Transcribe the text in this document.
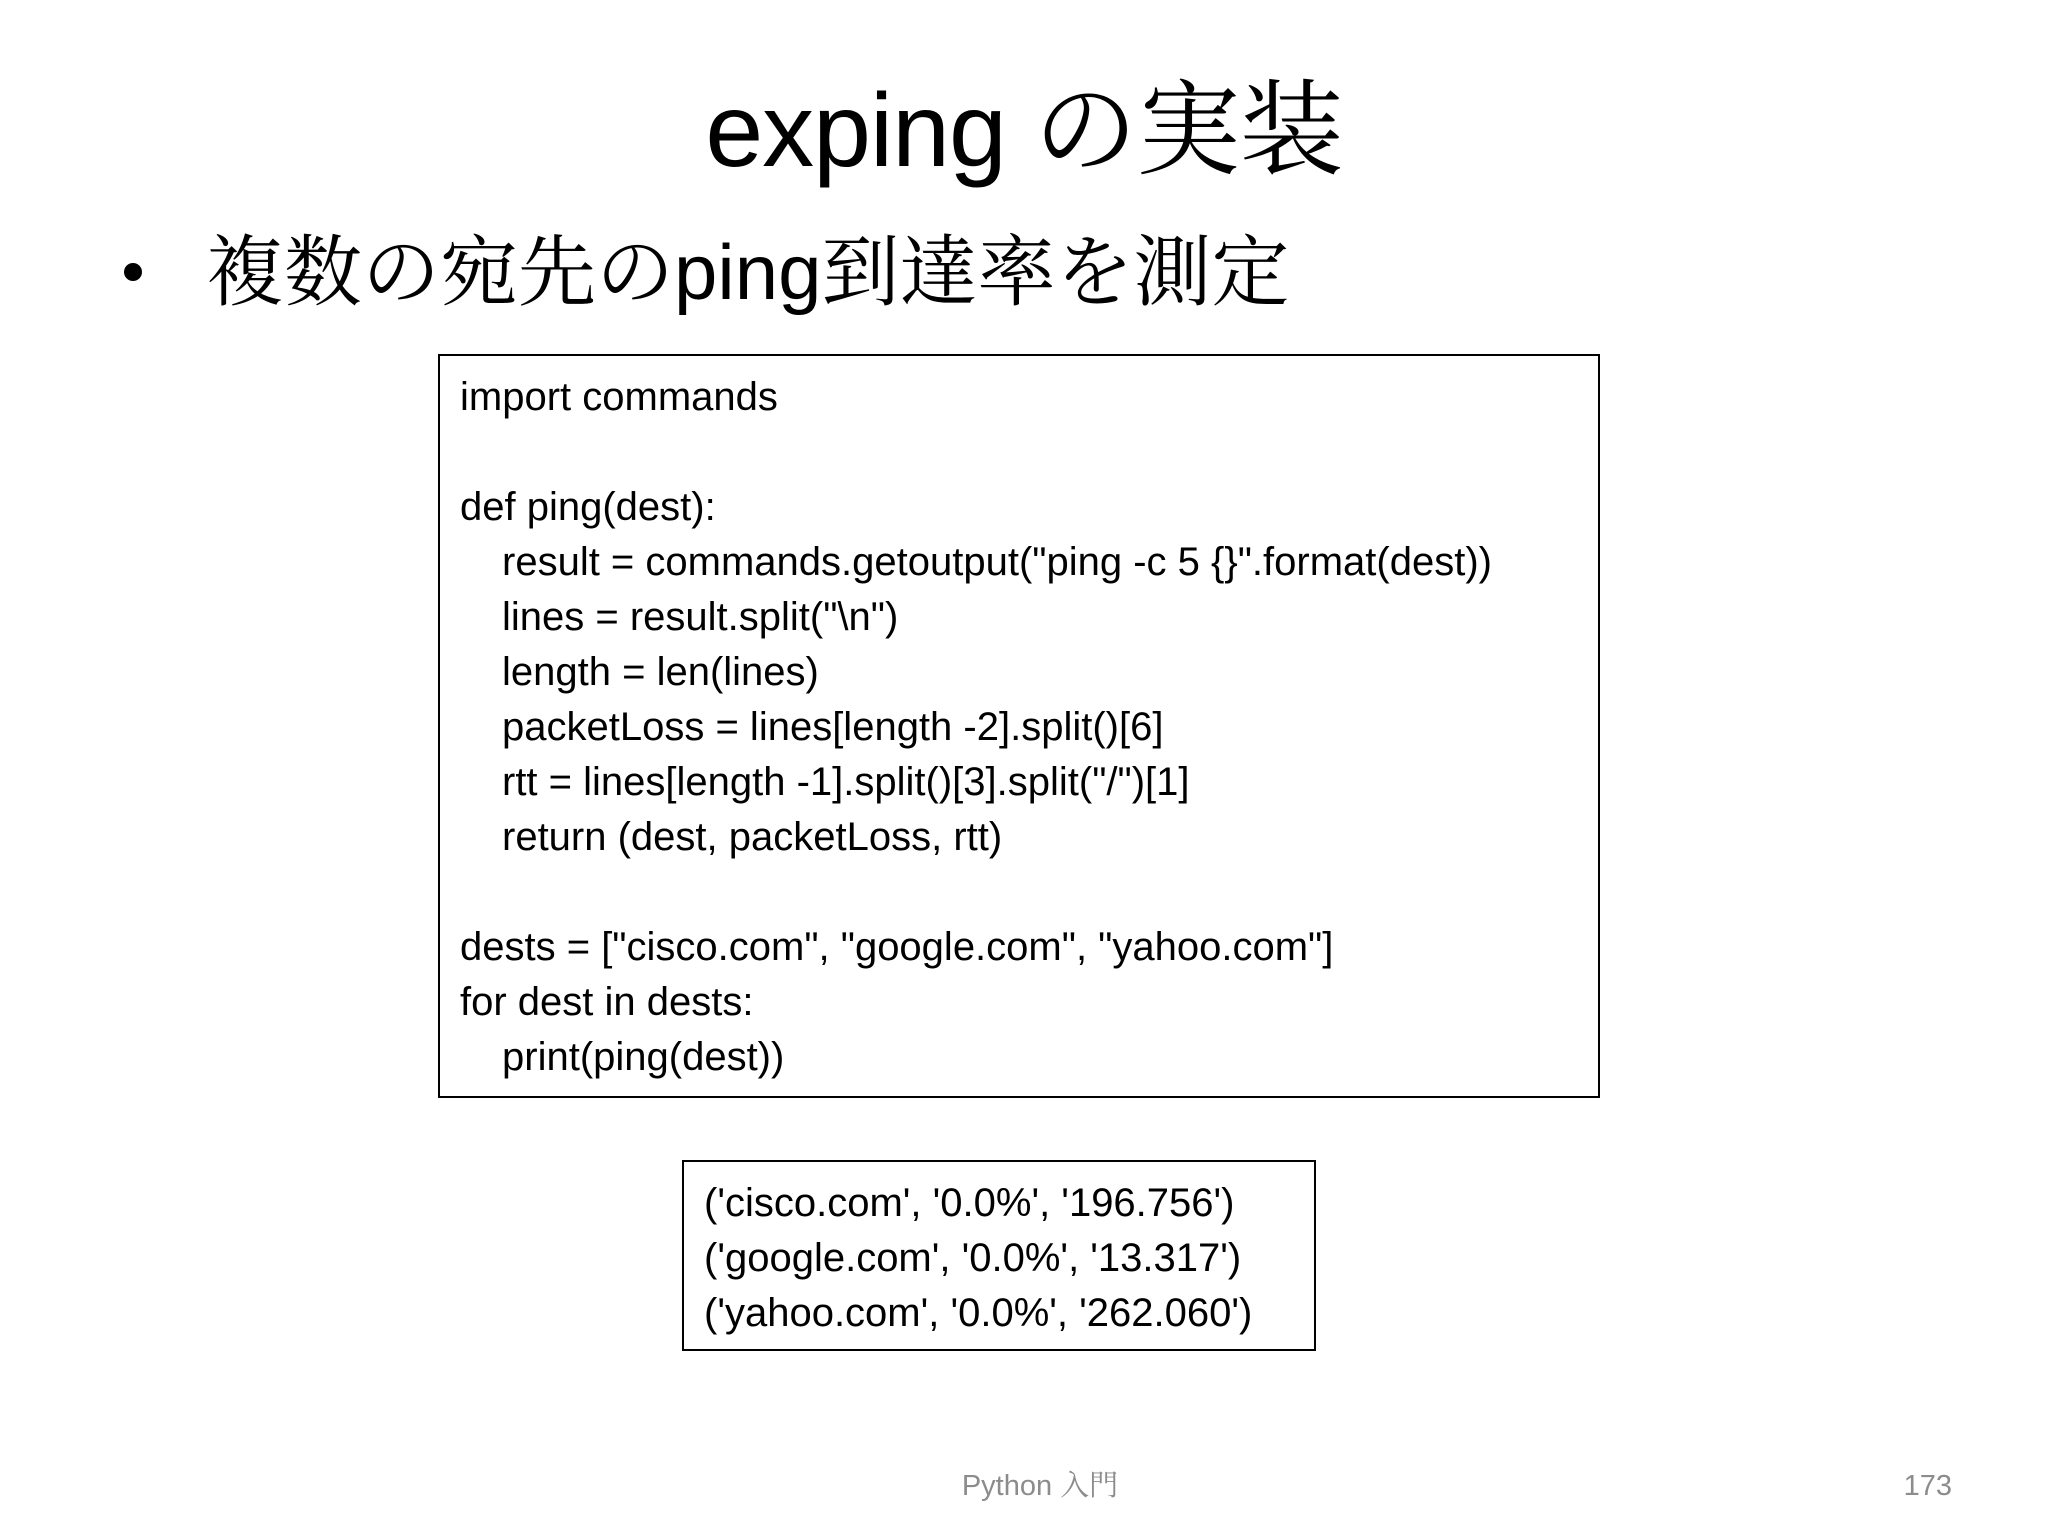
exping の実装
複数の宛先のping到達率を測定
import commands
def ping(dest):
result = commands.getoutput("ping -c 5 {}".format(dest))
lines = result.split("\n")
length = len(lines)
packetLoss = lines[length -2].split()[6]
rtt = lines[length -1].split()[3].split("/")[1]
return (dest, packetLoss, rtt)
dests = ["cisco.com", "google.com", "yahoo.com"]
for dest in dests:
print(ping(dest))
('cisco.com', '0.0%', '196.756')
('google.com', '0.0%', '13.317')
('yahoo.com', '0.0%', '262.060')
Python 入門	173
